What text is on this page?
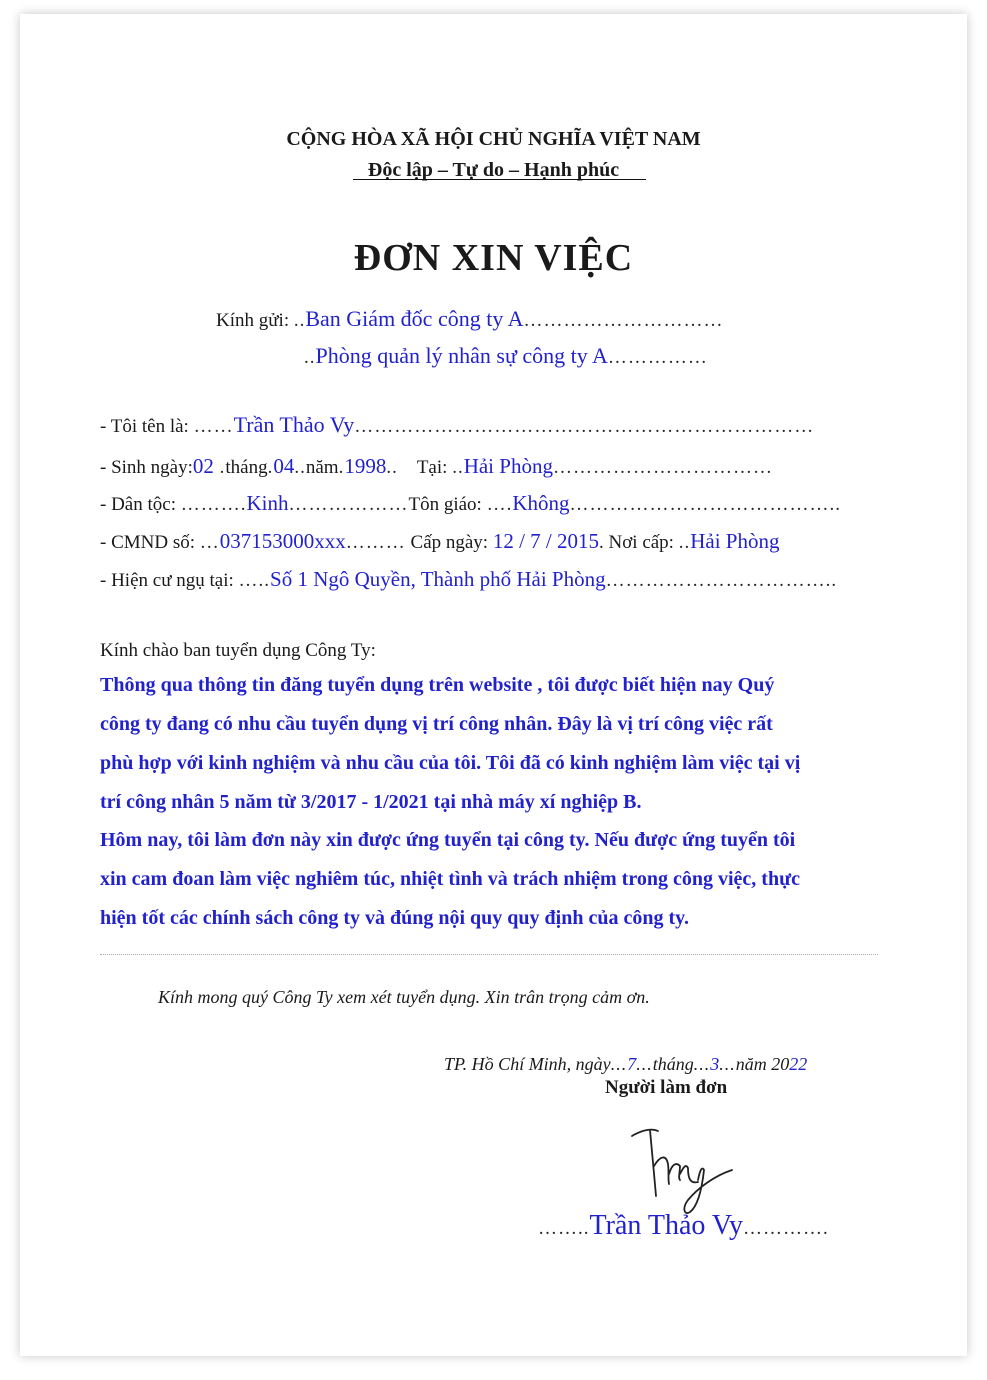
CỘNG HÒA XÃ HỘI CHỦ NGHĨA VIỆT NAM
Độc lập – Tự do – Hạnh phúc
ĐƠN XIN VIỆC
Kính gửi: ..Ban Giám đốc công ty A…………………………
..Phòng quản lý nhân sự công ty A……………
- Tôi tên là: ……Trần Thảo Vy……………………………………………………………
- Sinh ngày:02 .tháng.04..năm.1998.. Tại: ..Hải Phòng……………………………
- Dân tộc: ……….Kinh………………Tôn giáo: ….Không…………………………………..
- CMND số: …037153000xxx……… Cấp ngày: 12 / 7 / 2015. Nơi cấp: ..Hải Phòng
- Hiện cư ngụ tại: …..Số 1 Ngô Quyền, Thành phố Hải Phòng……………………………..
Kính chào ban tuyển dụng Công Ty:
Thông qua thông tin đăng tuyển dụng trên website , tôi được biết hiện nay Quý
công ty đang có nhu cầu tuyển dụng vị trí công nhân. Đây là vị trí công việc rất
phù hợp với kinh nghiệm và nhu cầu của tôi. Tôi đã có kinh nghiệm làm việc tại vị
trí công nhân 5 năm từ 3/2017 - 1/2021 tại nhà máy xí nghiệp B.
Hôm nay, tôi làm đơn này xin được ứng tuyển tại công ty. Nếu được ứng tuyển tôi
xin cam đoan làm việc nghiêm túc, nhiệt tình và trách nhiệm trong công việc, thực
hiện tốt các chính sách công ty và đúng nội quy quy định của công ty.
Kính mong quý Công Ty xem xét tuyển dụng. Xin trân trọng cảm ơn.
TP. Hồ Chí Minh, ngày...7...tháng...3...năm 2022
Người làm đơn
……..Trần Thảo Vy………….
